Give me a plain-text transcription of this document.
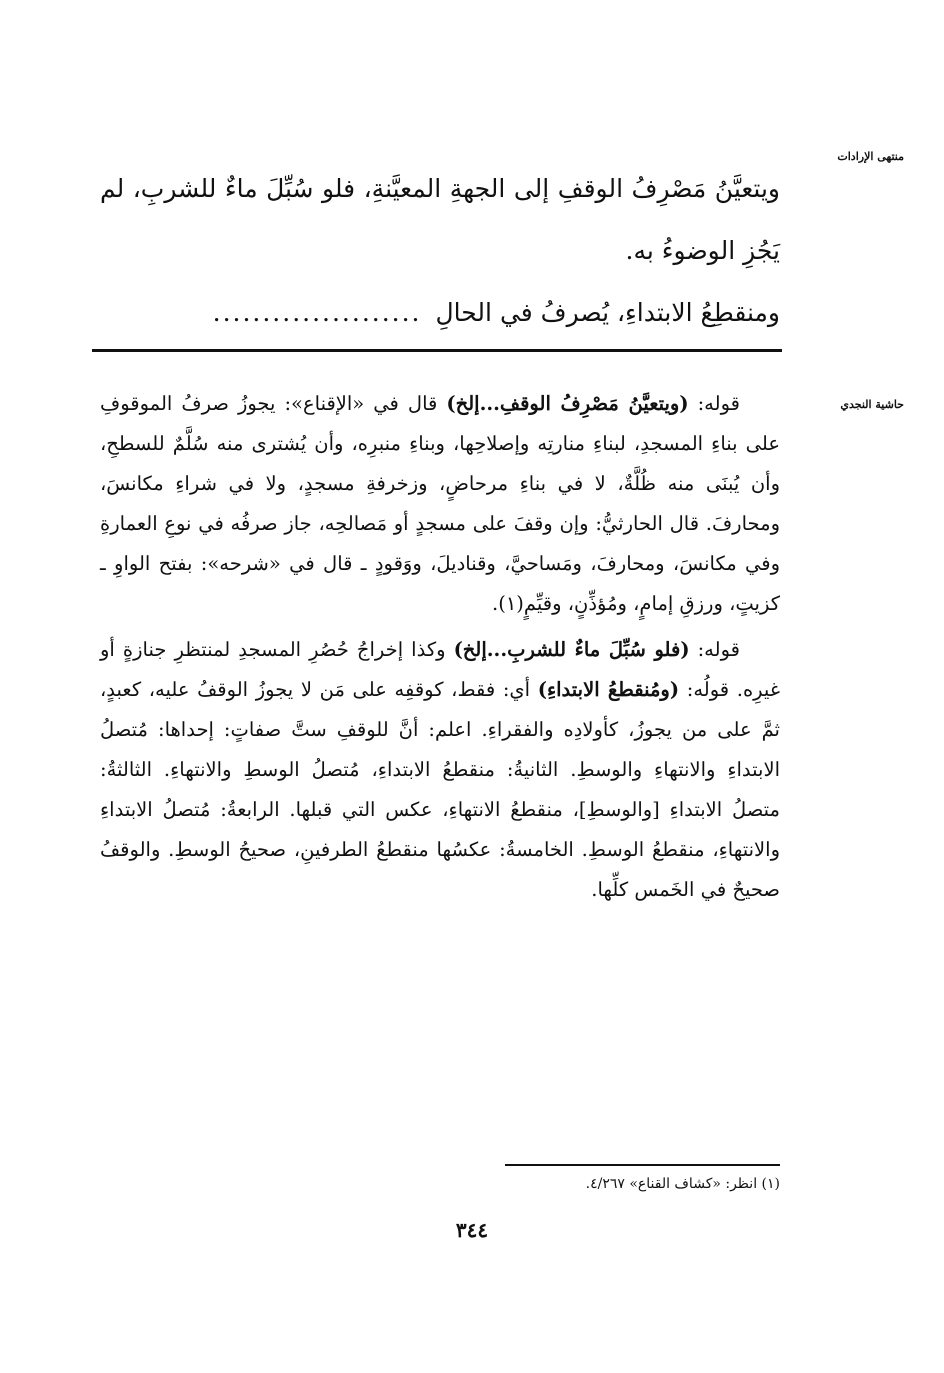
منتهى الإرادات
حاشية النجدي

ويتعيَّنُ مَصْرِفُ الوقفِ إلى الجهةِ المعيَّنةِ، فلو سُبِّلَ ماءٌ للشربِ، لم يَجُزِ الوضوءُ به.

ومنقطِعُ الابتداءِ، يُصرفُ في الحالِ.....................

قوله: (ويتعيَّنُ مَصْرِفُ الوقفِ...إلخ) قال في «الإقناع»: يجوزُ صرفُ الموقوفِ على بناءِ المسجدِ، لبناءِ منارتِه وإصلاحِها، وبناءِ منبرِه، وأن يُشترى منه سُلَّمٌ للسطحِ، وأن يُبنَى منه ظُلَّةٌ، لا في بناءِ مرحاضٍ، وزخرفةِ مسجدٍ، ولا في شراءِ مكانسَ، ومحارفَ. قال الحارثيُّ: وإن وقفَ على مسجدٍ أو مَصالحِه، جاز صرفُه في نوعِ العمارةِ وفي مكانسَ، ومحارفَ، ومَساحيَّ، وقناديلَ، ووَقودٍ ـ قال في «شرحه»: بفتح الواوِ ـ كزيتٍ، ورزقِ إمامٍ، ومُؤذِّنٍ، وقيِّمٍ(١).

قوله: (فلو سُبِّلَ ماءٌ للشربِ...إلخ) وكذا إخراجُ حُصُرِ المسجدِ لمنتظرِ جنازةٍ أو غيرِه. قولُه: (ومُنقطعُ الابتداءِ) أي: فقط، كوقفِه على مَن لا يجوزُ الوقفُ عليه، كعبدٍ، ثمَّ على من يجوزُ، كأولادِه والفقراءِ. اعلم: أنَّ للوقفِ ستَّ صفاتٍ: إحداها: مُتصلُ الابتداءِ والانتهاءِ والوسطِ. الثانيةُ: منقطعُ الابتداءِ، مُتصلُ الوسطِ والانتهاءِ. الثالثةُ: متصلُ الابتداءِ [والوسطِ]، منقطعُ الانتهاءِ، عكس التي قبلها. الرابعةُ: مُتصلُ الابتداءِ والانتهاءِ، منقطعُ الوسطِ. الخامسةُ: عكسُها منقطعُ الطرفينِ، صحيحُ الوسطِ. والوقفُ صحيحٌ في الخَمس كلِّها.

(١) انظر: «كشاف القناع» ٤/٢٦٧.
٣٤٤
